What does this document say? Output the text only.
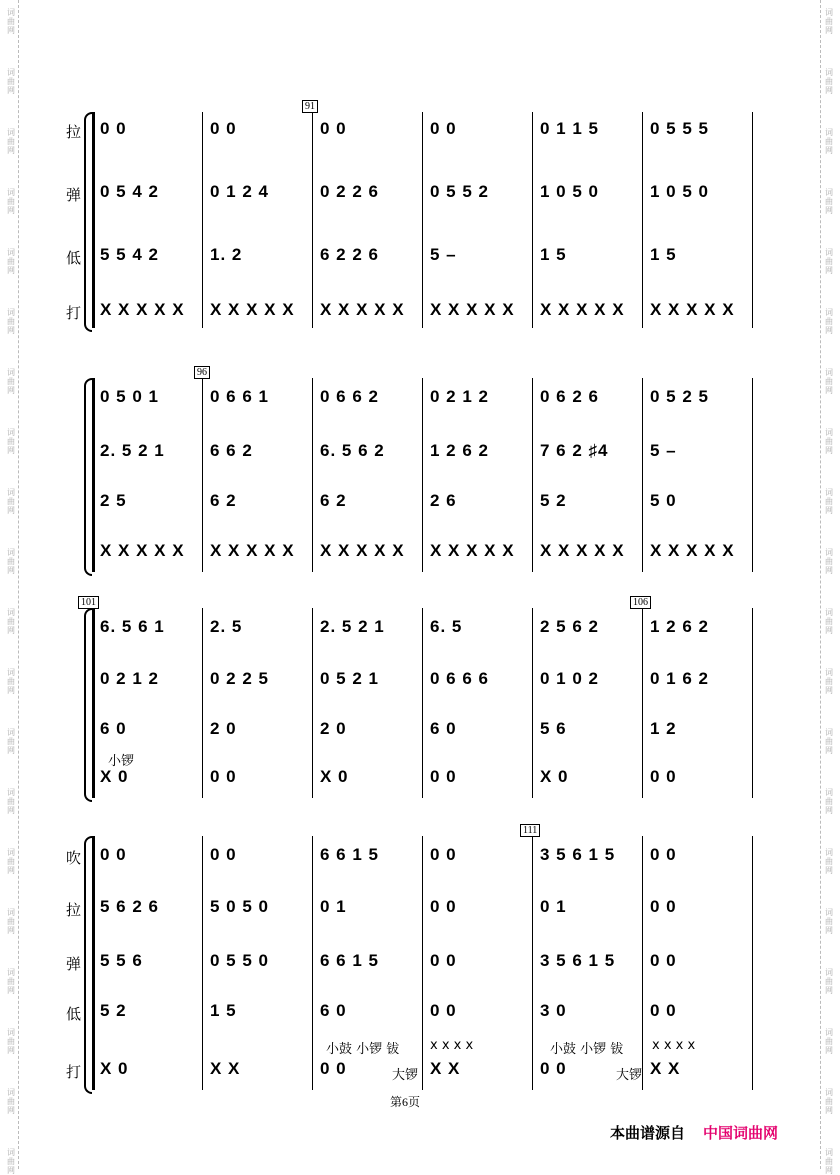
拉
弹
低
打
91
0 0
0 5 4 2
5 5 4 2
X X X X X
0 0
0 1 2 4
1. 2
X X X X X
0 0
0 2 2 6
6 2 2 6
X X X X X
0 0
0 5 5 2
5 –
X X X X X
0 1 1 5
1 0 5 0
1 5
X X X X X
0 5 5 5
1 0 5 0
1 5
X X X X X
96
0 5 0 1
2. 5 2 1
2 5
X X X X X
0 6 6 1
6 6 2
6 2
X X X X X
0 6 6 2
6. 5 6 2
6 2
X X X X X
0 2 1 2
1 2 6 2
2 6
X X X X X
0 6 2 6
7 6 2 ♯4
5 2
X X X X X
0 5 2 5
5 –
5 0
X X X X X
101	106
6. 5 6 1
0 2 1 2
6 0
X 0
2. 5
0 2 2 5
2 0
0 0
2. 5 2 1
0 5 2 1
2 0
X 0
6. 5
0 6 6 6
6 0
0 0
2 5 6 2
0 1 0 2
5 6
X 0
1 2 6 2
0 1 6 2
1 2
0 0
小锣
吹
拉
弹
低
打
111
0 0
5 6 2 6
5 5 6
5 2
X 0
0 0
5 0 5 0
0 5 5 0
1 5
X X
6 6 1 5
0 1
6 6 1 5
6 0
0 0
0 0
0 0
0 0
0 0
X X
3 5 6 1 5
0 1
3 5 6 1 5
3 0
0 0
0 0
0 0
0 0
0 0
X X
小鼓 小锣 钹
大锣
x x x x	小鼓 小锣 钹
大锣
x x x x
第6页
本曲谱源自 中国词曲网
词
曲
网
词
曲
网
词
曲
网
词
曲
网
词
曲
网
词
曲
网
词
曲
网
词
曲
网
词
曲
网
词
曲
网
词
曲
网
词
曲
网
词
曲
网
词
曲
网
词
曲
网
词
曲
网
词
曲
网
词
曲
网
词
曲
网
词
曲
网
词
曲
网
词
曲
网
词
曲
网
词
曲
网
词
曲
网
词
曲
网
词
曲
网
词
曲
网
词
曲
网
词
曲
网
词
曲
网
词
曲
网
词
曲
网
词
曲
网
词
曲
网
词
曲
网
词
曲
网
词
曲
网
词
曲
网
词
曲
网
